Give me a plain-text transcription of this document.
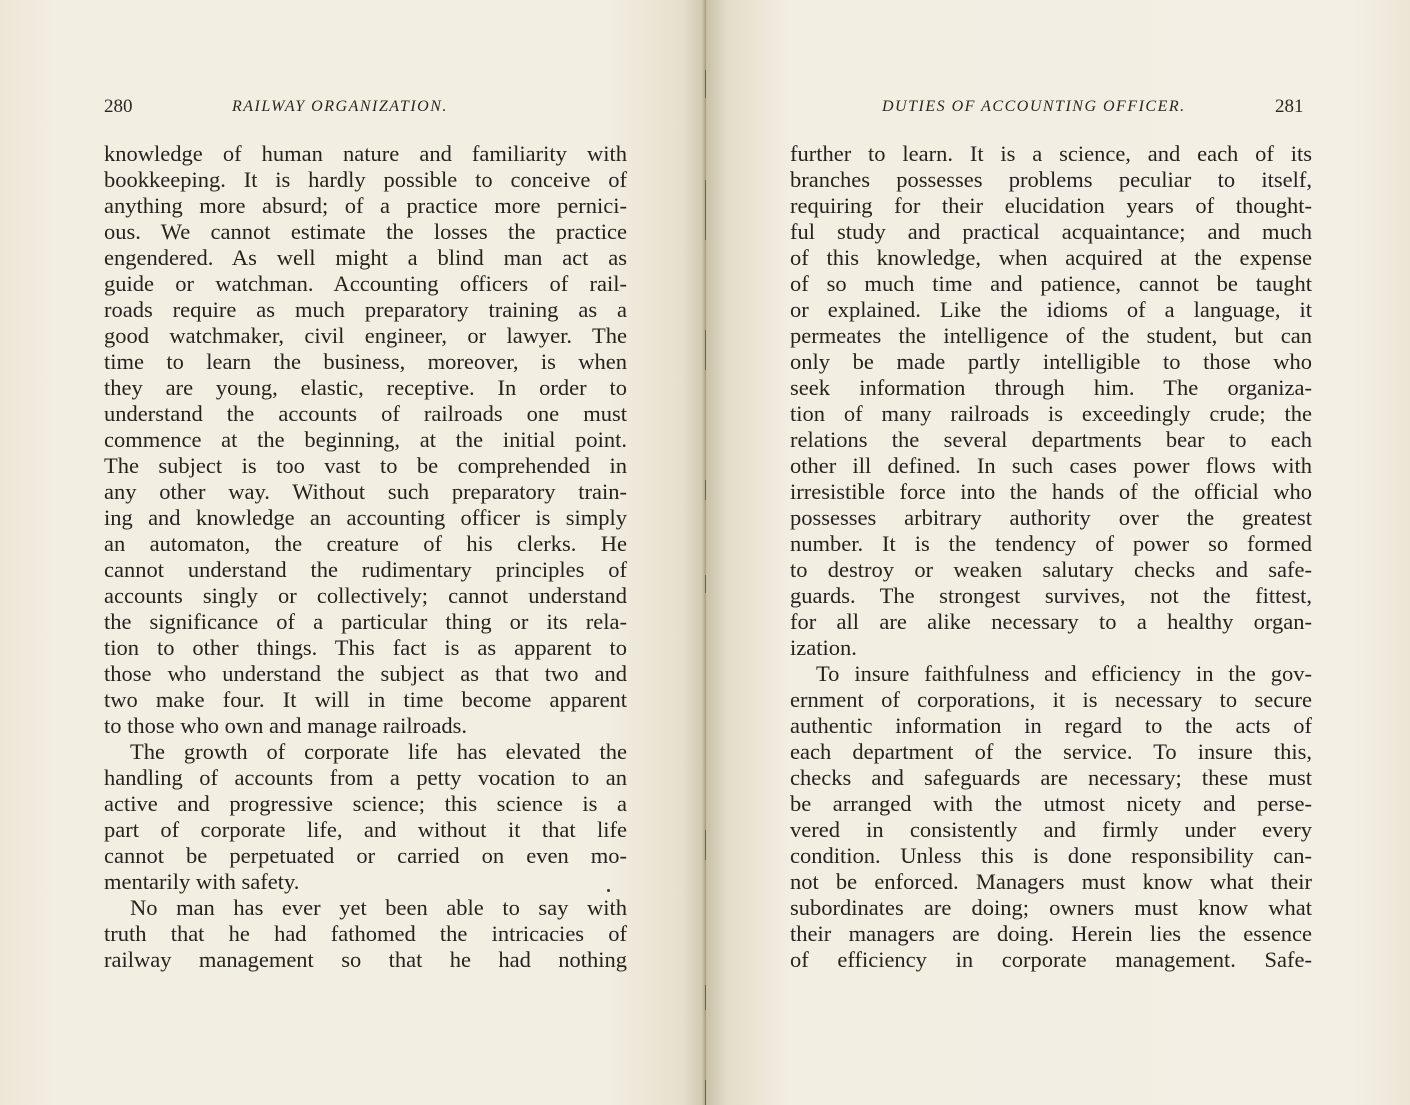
280	RAILWAY ORGANIZATION.
knowledge of human nature and familiarity with
bookkeeping. It is hardly possible to conceive of
anything more absurd; of a practice more pernici-
ous. We cannot estimate the losses the practice
engendered. As well might a blind man act as
guide or watchman. Accounting officers of rail-
roads require as much preparatory training as a
good watchmaker, civil engineer, or lawyer. The
time to learn the business, moreover, is when
they are young, elastic, receptive. In order to
understand the accounts of railroads one must
commence at the beginning, at the initial point.
The subject is too vast to be comprehended in
any other way. Without such preparatory train-
ing and knowledge an accounting officer is simply
an automaton, the creature of his clerks. He
cannot understand the rudimentary principles of
accounts singly or collectively; cannot understand
the significance of a particular thing or its rela-
tion to other things. This fact is as apparent to
those who understand the subject as that two and
two make four. It will in time become apparent
to those who own and manage railroads.
The growth of corporate life has elevated the
handling of accounts from a petty vocation to an
active and progressive science; this science is a
part of corporate life, and without it that life
cannot be perpetuated or carried on even mo-
mentarily with safety.
No man has ever yet been able to say with
truth that he had fathomed the intricacies of
railway management so that he had nothing
DUTIES OF ACCOUNTING OFFICER.	281
further to learn. It is a science, and each of its
branches possesses problems peculiar to itself,
requiring for their elucidation years of thought-
ful study and practical acquaintance; and much
of this knowledge, when acquired at the expense
of so much time and patience, cannot be taught
or explained. Like the idioms of a language, it
permeates the intelligence of the student, but can
only be made partly intelligible to those who
seek information through him. The organiza-
tion of many railroads is exceedingly crude; the
relations the several departments bear to each
other ill defined. In such cases power flows with
irresistible force into the hands of the official who
possesses arbitrary authority over the greatest
number. It is the tendency of power so formed
to destroy or weaken salutary checks and safe-
guards. The strongest survives, not the fittest,
for all are alike necessary to a healthy organ-
ization.
To insure faithfulness and efficiency in the gov-
ernment of corporations, it is necessary to secure
authentic information in regard to the acts of
each department of the service. To insure this,
checks and safeguards are necessary; these must
be arranged with the utmost nicety and perse-
vered in consistently and firmly under every
condition. Unless this is done responsibility can-
not be enforced. Managers must know what their
subordinates are doing; owners must know what
their managers are doing. Herein lies the essence
of efficiency in corporate management. Safe-
